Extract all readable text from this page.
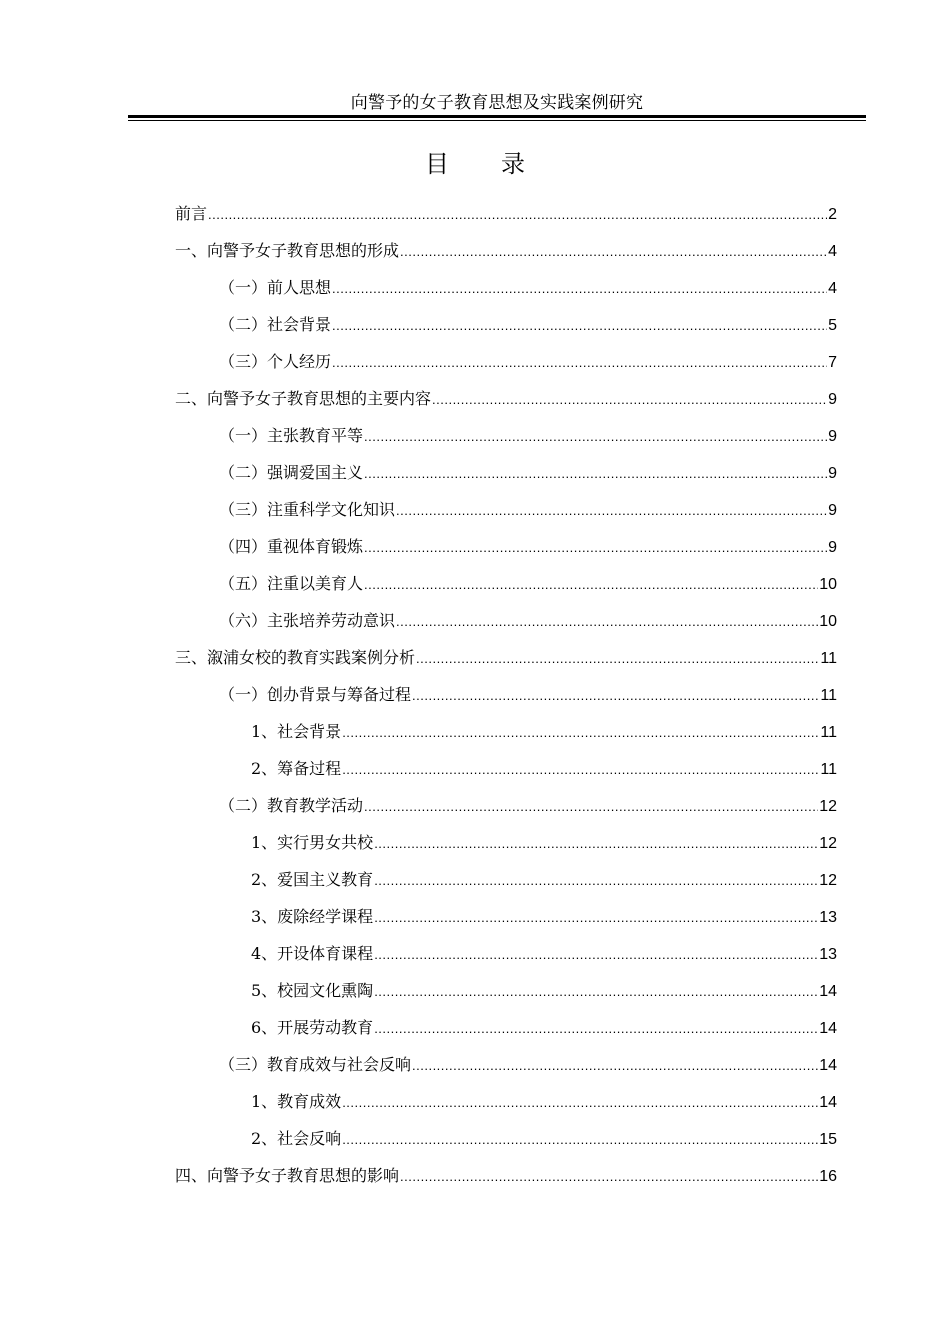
向警予的女子教育思想及实践案例研究
目录
前言 .....	2
一、向警予女子教育思想的形成 .....	4
（一）前人思想 .....	4
（二）社会背景 .....	5
（三）个人经历 .....	7
二、向警予女子教育思想的主要内容 .....	9
（一）主张教育平等 .....	9
（二）强调爱国主义 .....	9
（三）注重科学文化知识 .....	9
（四）重视体育锻炼 .....	9
（五）注重以美育人 .....	10
（六）主张培养劳动意识 .....	10
三、溆浦女校的教育实践案例分析 .....	11
（一）创办背景与筹备过程 .....	11
1、社会背景 .....	11
2、筹备过程 .....	11
（二）教育教学活动 .....	12
1、实行男女共校 .....	12
2、爱国主义教育 .....	12
3、废除经学课程 .....	13
4、开设体育课程 .....	13
5、校园文化熏陶 .....	14
6、开展劳动教育 .....	14
（三）教育成效与社会反响 .....	14
1、教育成效 .....	14
2、社会反响 .....	15
四、向警予女子教育思想的影响 .....	16
